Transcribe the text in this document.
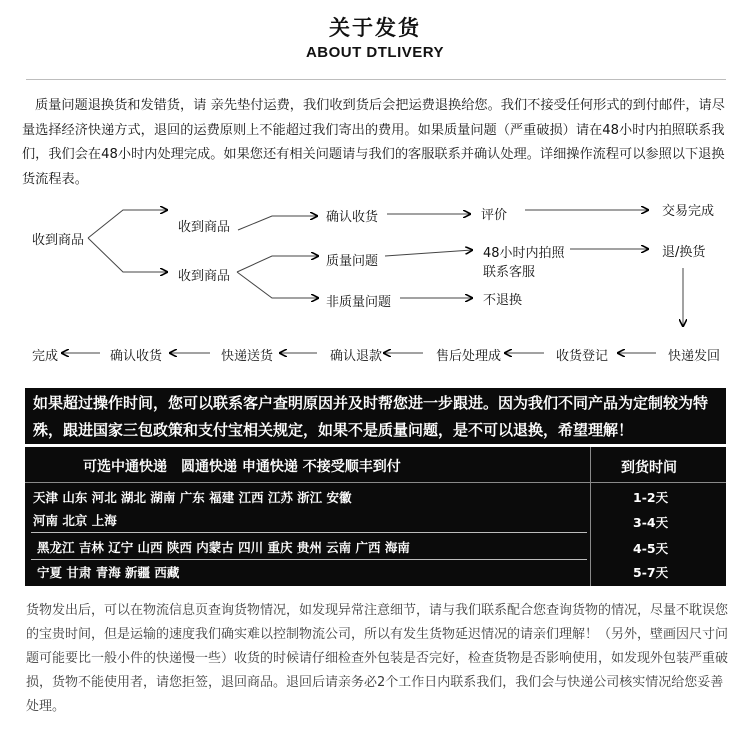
关于发货
ABOUT DTLIVERY
质量问题退换货和发错货，请 亲先垫付运费，我们收到货后会把运费退换给您。我们不接受任何形式的到付邮件，请尽量选择经济快递方式，退回的运费原则上不能超过我们寄出的费用。如果质量问题（严重破损）请在48小时内拍照联系我们，我们会在48小时内处理完成。如果您还有相关问题请与我们的客服联系并确认处理。详细操作流程可以参照以下退换货流程表。
收到商品
收到商品
收到商品
确认收货	评价	交易完成
质量问题
48小时内拍照
联系客服
退/换货
非质量问题	不退换
完成	确认收货	快递送货	确认退款	售后处理成	收货登记	快递发回
如果超过操作时间，您可以联系客户查明原因并及时帮您进一步跟进。因为我们不同产品为定制较为特殊，跟进国家三包政策和支付宝相关规定，如果不是质量问题，是不可以退换，希望理解！
可选中通快递　圆通快递 申通快递 不接受顺丰到付	到货时间
天津 山东 河北 湖北 湖南 广东 福建 江西 江苏 浙江 安徽	1-2天
河南 北京 上海	3-4天
黑龙江 吉林 辽宁 山西 陕西 内蒙古 四川 重庆 贵州 云南 广西 海南	4-5天
宁夏 甘肃 青海 新疆 西藏	5-7天
货物发出后，可以在物流信息页查询货物情况，如发现异常注意细节，请与我们联系配合您查询货物的情况，尽量不耽误您的宝贵时间，但是运输的速度我们确实难以控制物流公司，所以有发生货物延迟情况的请亲们理解！（另外，壁画因尺寸问题可能要比一般小件的快递慢一些）收货的时候请仔细检查外包装是否完好，检查货物是否影响使用，如发现外包装严重破损，货物不能使用者，请您拒签，退回商品。退回后请亲务必2个工作日内联系我们，我们会与快递公司核实情况给您妥善处理。
